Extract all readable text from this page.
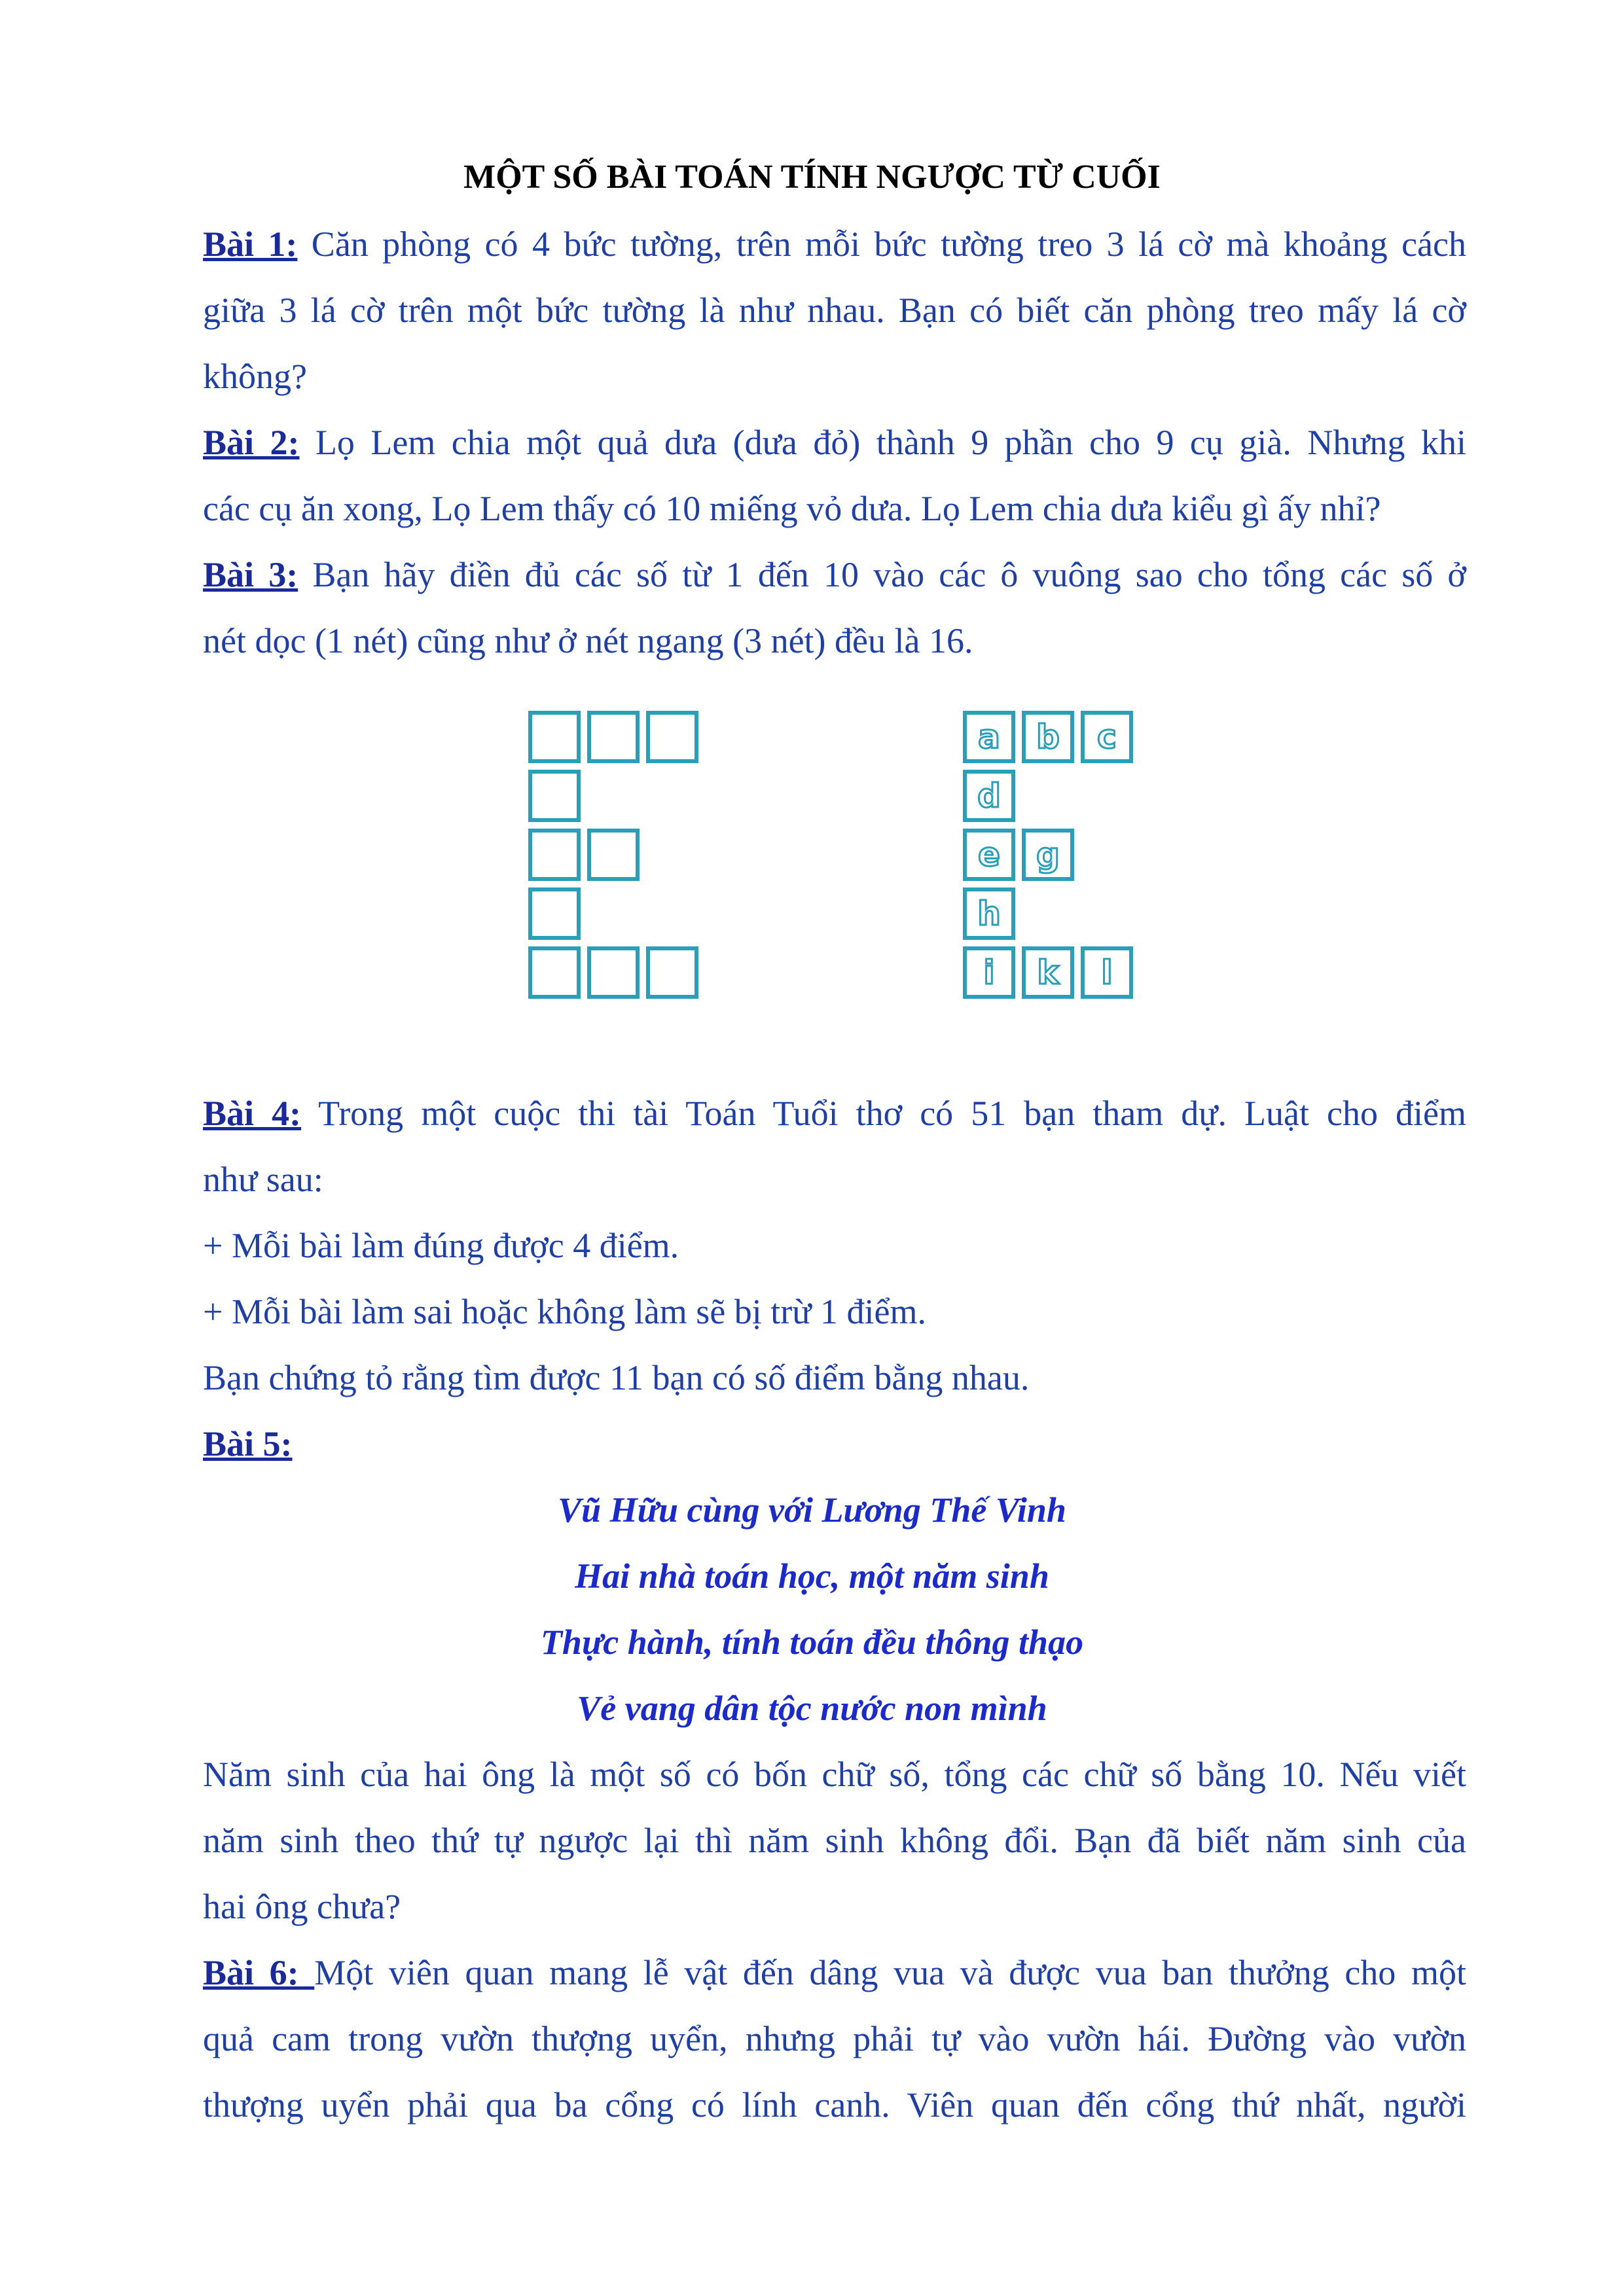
MỘT SỐ BÀI TOÁN TÍNH NGƯỢC TỪ CUỐI
Bài 1: Căn phòng có 4 bức tường, trên mỗi bức tường treo 3 lá cờ mà khoảng cách
giữa 3 lá cờ trên một bức tường là như nhau. Bạn có biết căn phòng treo mấy lá cờ
không?
Bài 2: Lọ Lem chia một quả dưa (dưa đỏ) thành 9 phần cho 9 cụ già. Nhưng khi
các cụ ăn xong, Lọ Lem thấy có 10 miếng vỏ dưa. Lọ Lem chia dưa kiểu gì ấy nhỉ?
Bài 3: Bạn hãy điền đủ các số từ 1 đến 10 vào các ô vuông sao cho tổng các số ở
nét dọc (1 nét) cũng như ở nét ngang (3 nét) đều là 16.
a	b	c
d
e	g
h
i	k	l
Bài 4: Trong một cuộc thi tài Toán Tuổi thơ có 51 bạn tham dự. Luật cho điểm
như sau:
+ Mỗi bài làm đúng được 4 điểm.
+ Mỗi bài làm sai hoặc không làm sẽ bị trừ 1 điểm.
Bạn chứng tỏ rằng tìm được 11 bạn có số điểm bằng nhau.
Bài 5:
Vũ Hữu cùng với Lương Thế Vinh
Hai nhà toán học, một năm sinh
Thực hành, tính toán đều thông thạo
Vẻ vang dân tộc nước non mình
Năm sinh của hai ông là một số có bốn chữ số, tổng các chữ số bằng 10. Nếu viết
năm sinh theo thứ tự ngược lại thì năm sinh không đổi. Bạn đã biết năm sinh của
hai ông chưa?
Bài 6: Một viên quan mang lễ vật đến dâng vua và được vua ban thưởng cho một
quả cam trong vườn thượng uyển, nhưng phải tự vào vườn hái. Đường vào vườn
thượng uyển phải qua ba cổng có lính canh. Viên quan đến cổng thứ nhất, người
